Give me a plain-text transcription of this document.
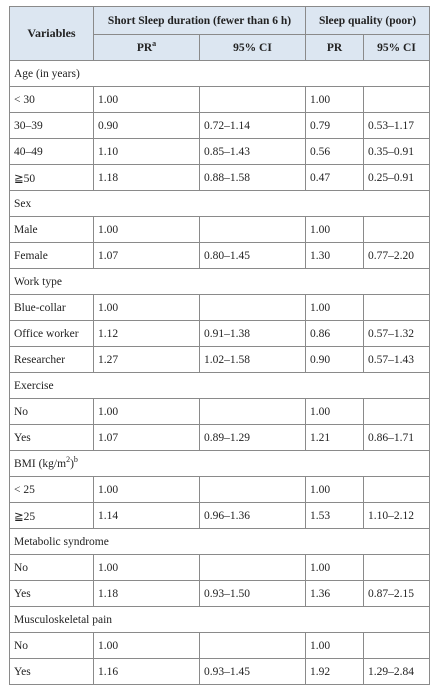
Variables	Short Sleep duration (fewer than 6 h)		Sleep quality (poor)	
	$PR^a$	95% CI	PR	95% CI
Age (in years)				
< 30	1.00		1.00	
30–39	0.90	0.72–1.14	0.79	0.53–1.17
40–49	1.10	0.85–1.43	0.56	0.35–0.91
≧50	1.18	0.88–1.58	0.47	0.25–0.91
Sex				
Male	1.00		1.00	
Female	1.07	0.80–1.45	1.30	0.77–2.20
Work type				
Blue-collar	1.00		1.00	
Office worker	1.12	0.91–1.38	0.86	0.57–1.32
Researcher	1.27	1.02–1.58	0.90	0.57–1.43
Exercise				
No	1.00		1.00	
Yes	1.07	0.89–1.29	1.21	0.86–1.71
BMI $(kg/m^2)^b$
< 25	1.00		1.00	
≧25	1.14	0.96–1.36	1.53	1.10–2.12
Metabolic syndrome				
No	1.00		1.00	
Yes	1.18	0.93–1.50	1.36	0.87–2.15
Musculoskeletal pain				
No	1.00		1.00	
Yes	1.16	0.93–1.45	1.92	1.29–2.84
